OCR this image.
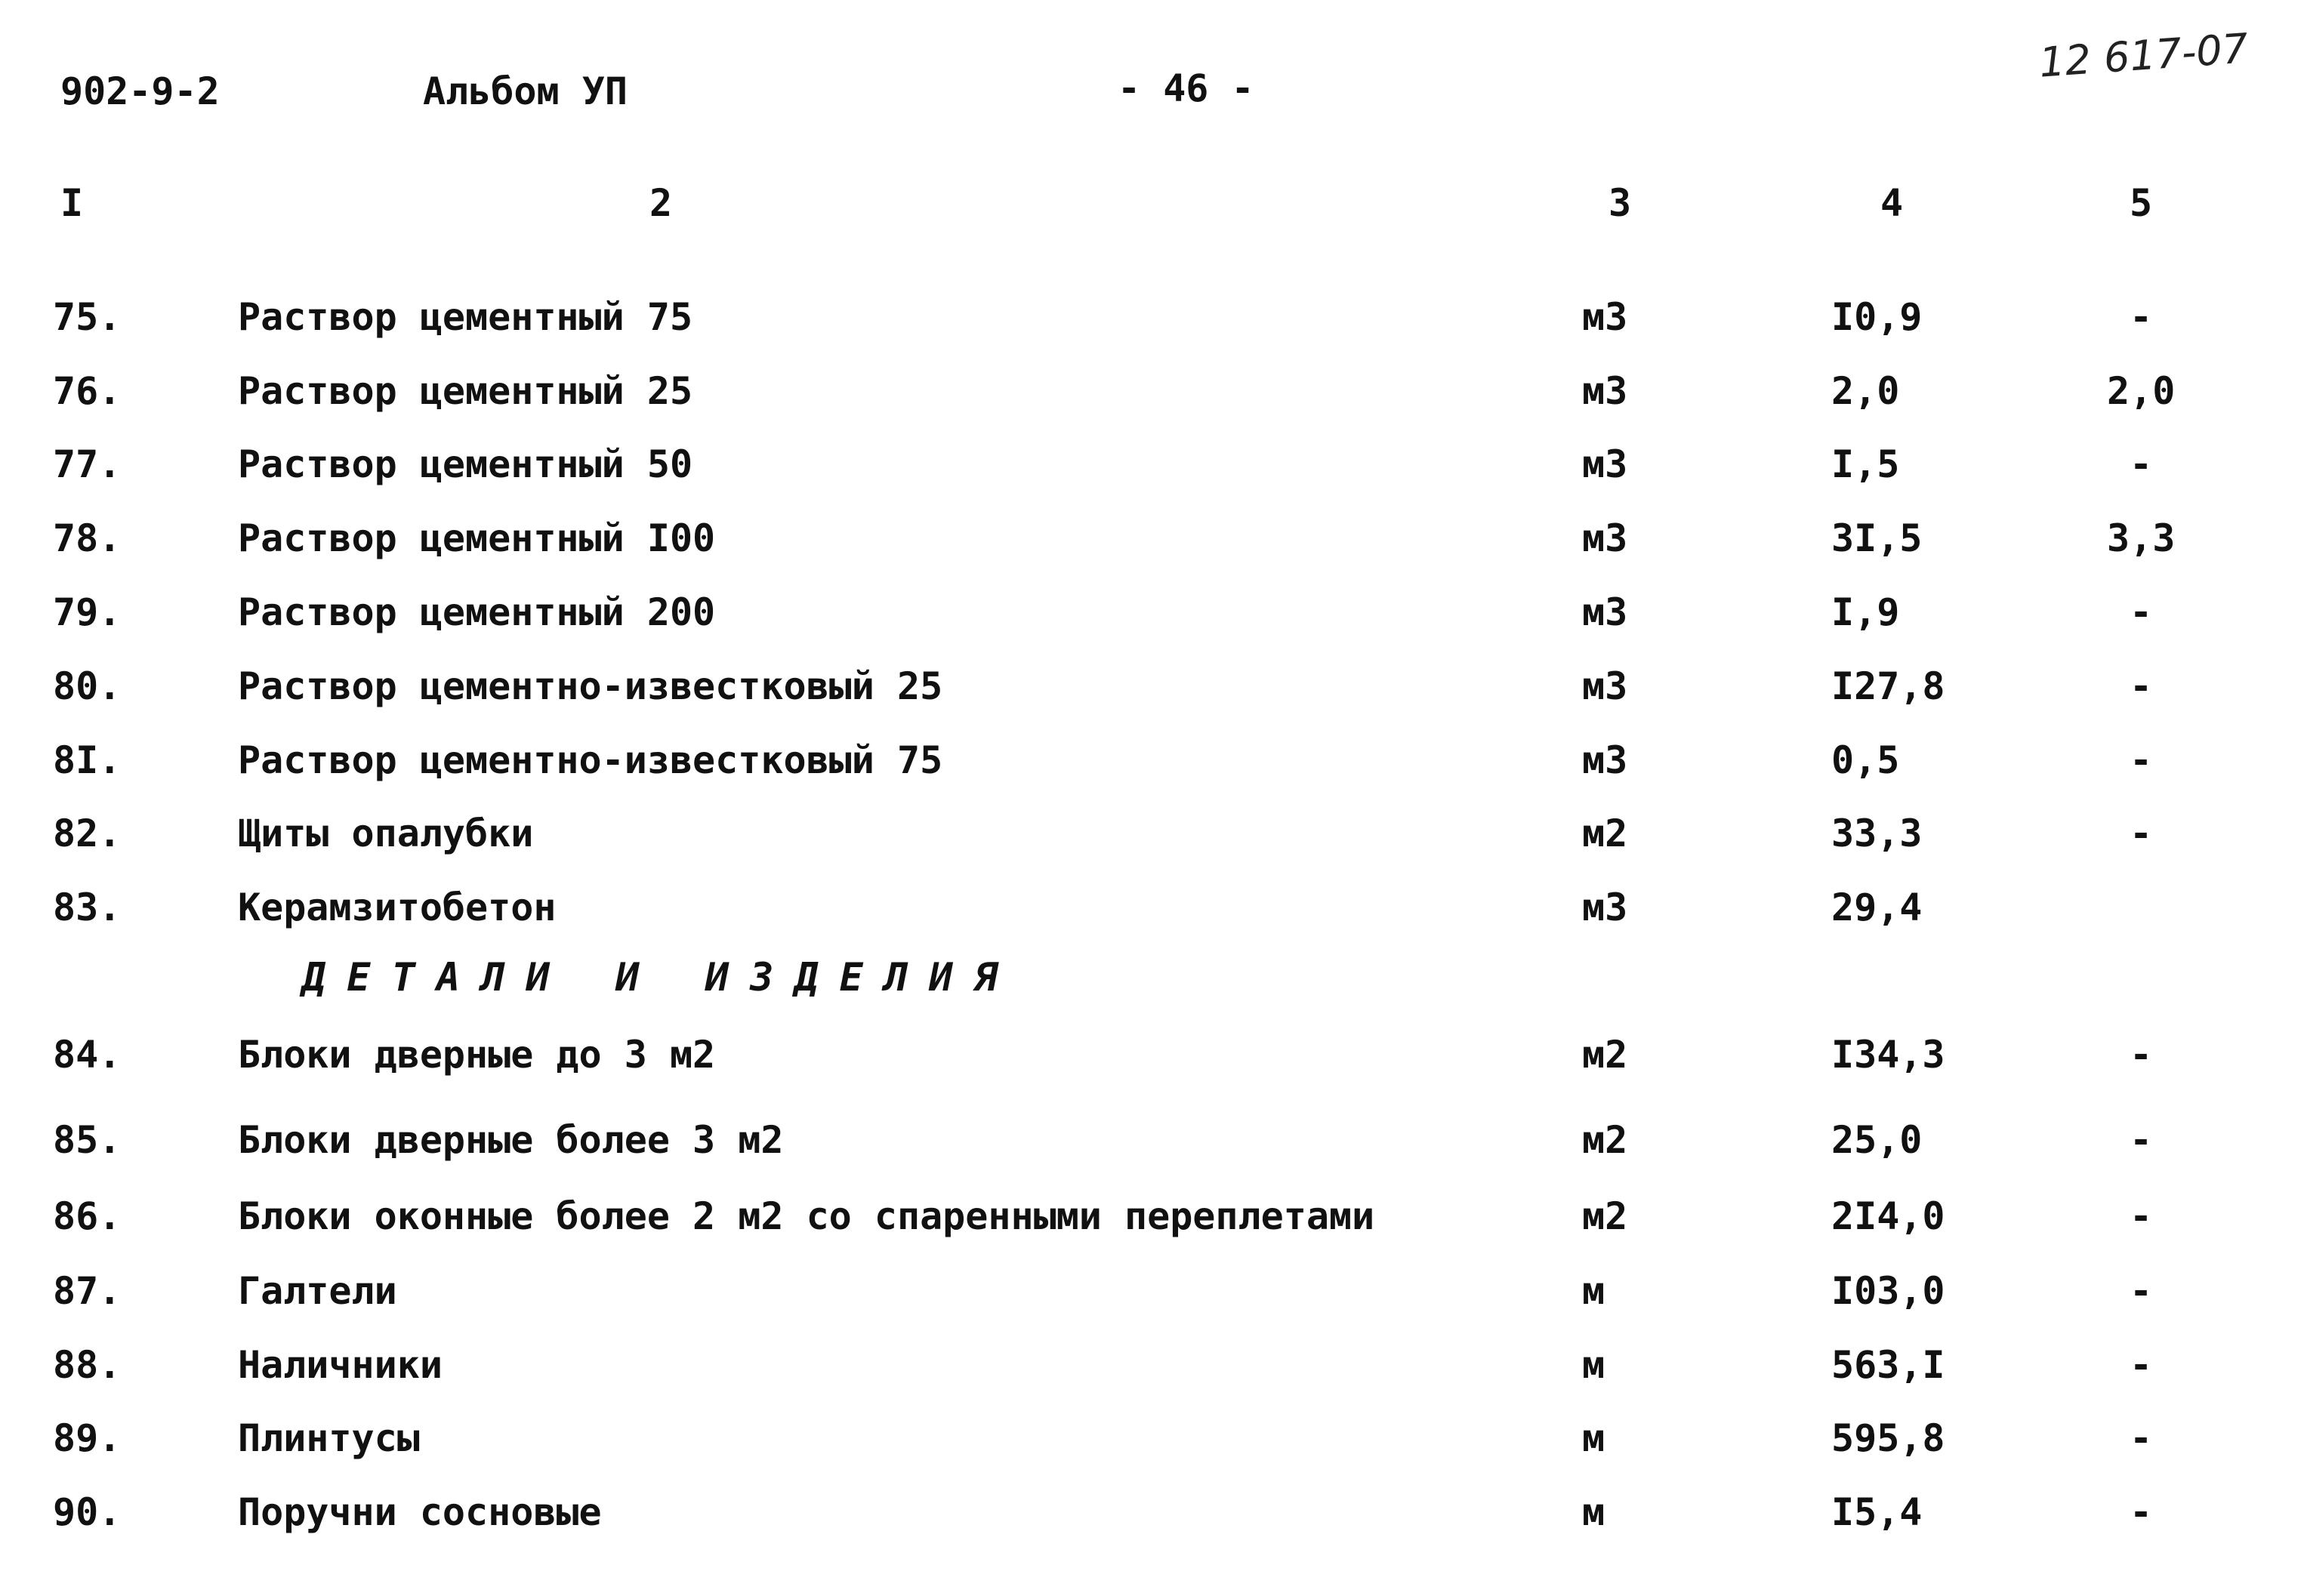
902-9-2	Альбом УП	- 46 -
12 617-07
I	2	3	4	5
75.	Раствор цементный 75	м3	I0,9	-
76.	Раствор цементный 25	м3	2,0	2,0
77.	Раствор цементный 50	м3	I,5	-
78.	Раствор цементный I00	м3	3I,5	3,3
79.	Раствор цементный 200	м3	I,9	-
80.	Раствор цементно-известковый 25	м3	I27,8	-
8I.	Раствор цементно-известковый 75	м3	0,5	-
82.	Щиты опалубки	м2	33,3	-
83.	Керамзитобетон	м3	29,4
ДЕТАЛИ И ИЗДЕЛИЯ
84.	Блоки дверные до 3 м2	м2	I34,3	-
85.	Блоки дверные более 3 м2	м2	25,0	-
86.	Блоки оконные более 2 м2 со спаренными переплетами	м2	2I4,0	-
87.	Галтели	м	I03,0	-
88.	Наличники	м	563,I	-
89.	Плинтусы	м	595,8	-
90.	Поручни сосновые	м	I5,4	-
